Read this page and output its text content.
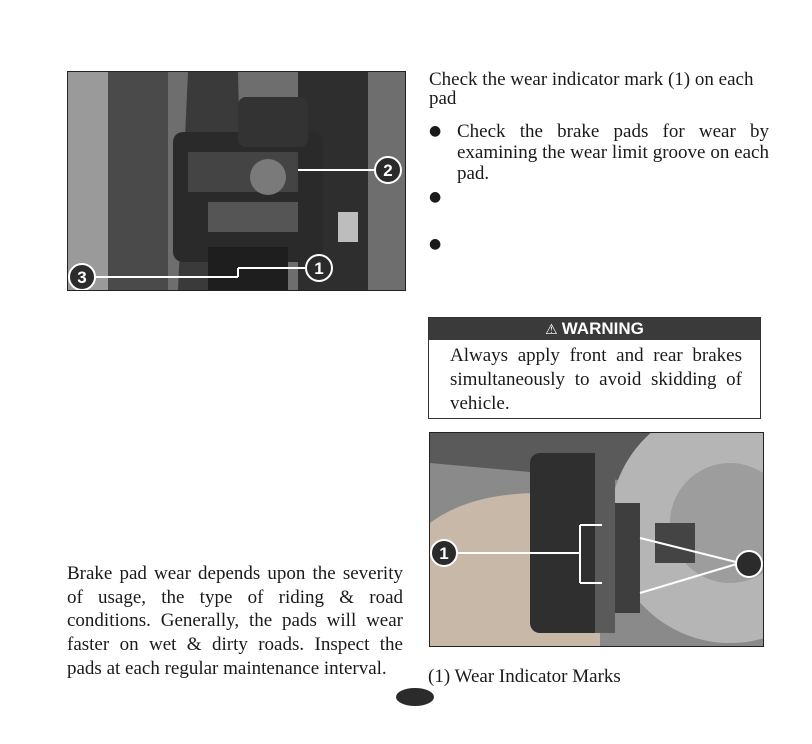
2
1
3
Check the wear indicator mark (1) on each pad
● Check the brake pads for wear by examining the wear limit groove on each pad.
●
●
⚠ WARNING
Always apply front and rear brakes simultaneously to avoid skidding of vehicle.
1
Brake pad wear depends upon the severity of usage, the type of riding & road conditions. Generally, the pads will wear faster on wet & dirty roads. Inspect the pads at each regular maintenance interval.	(1) Wear Indicator Marks
